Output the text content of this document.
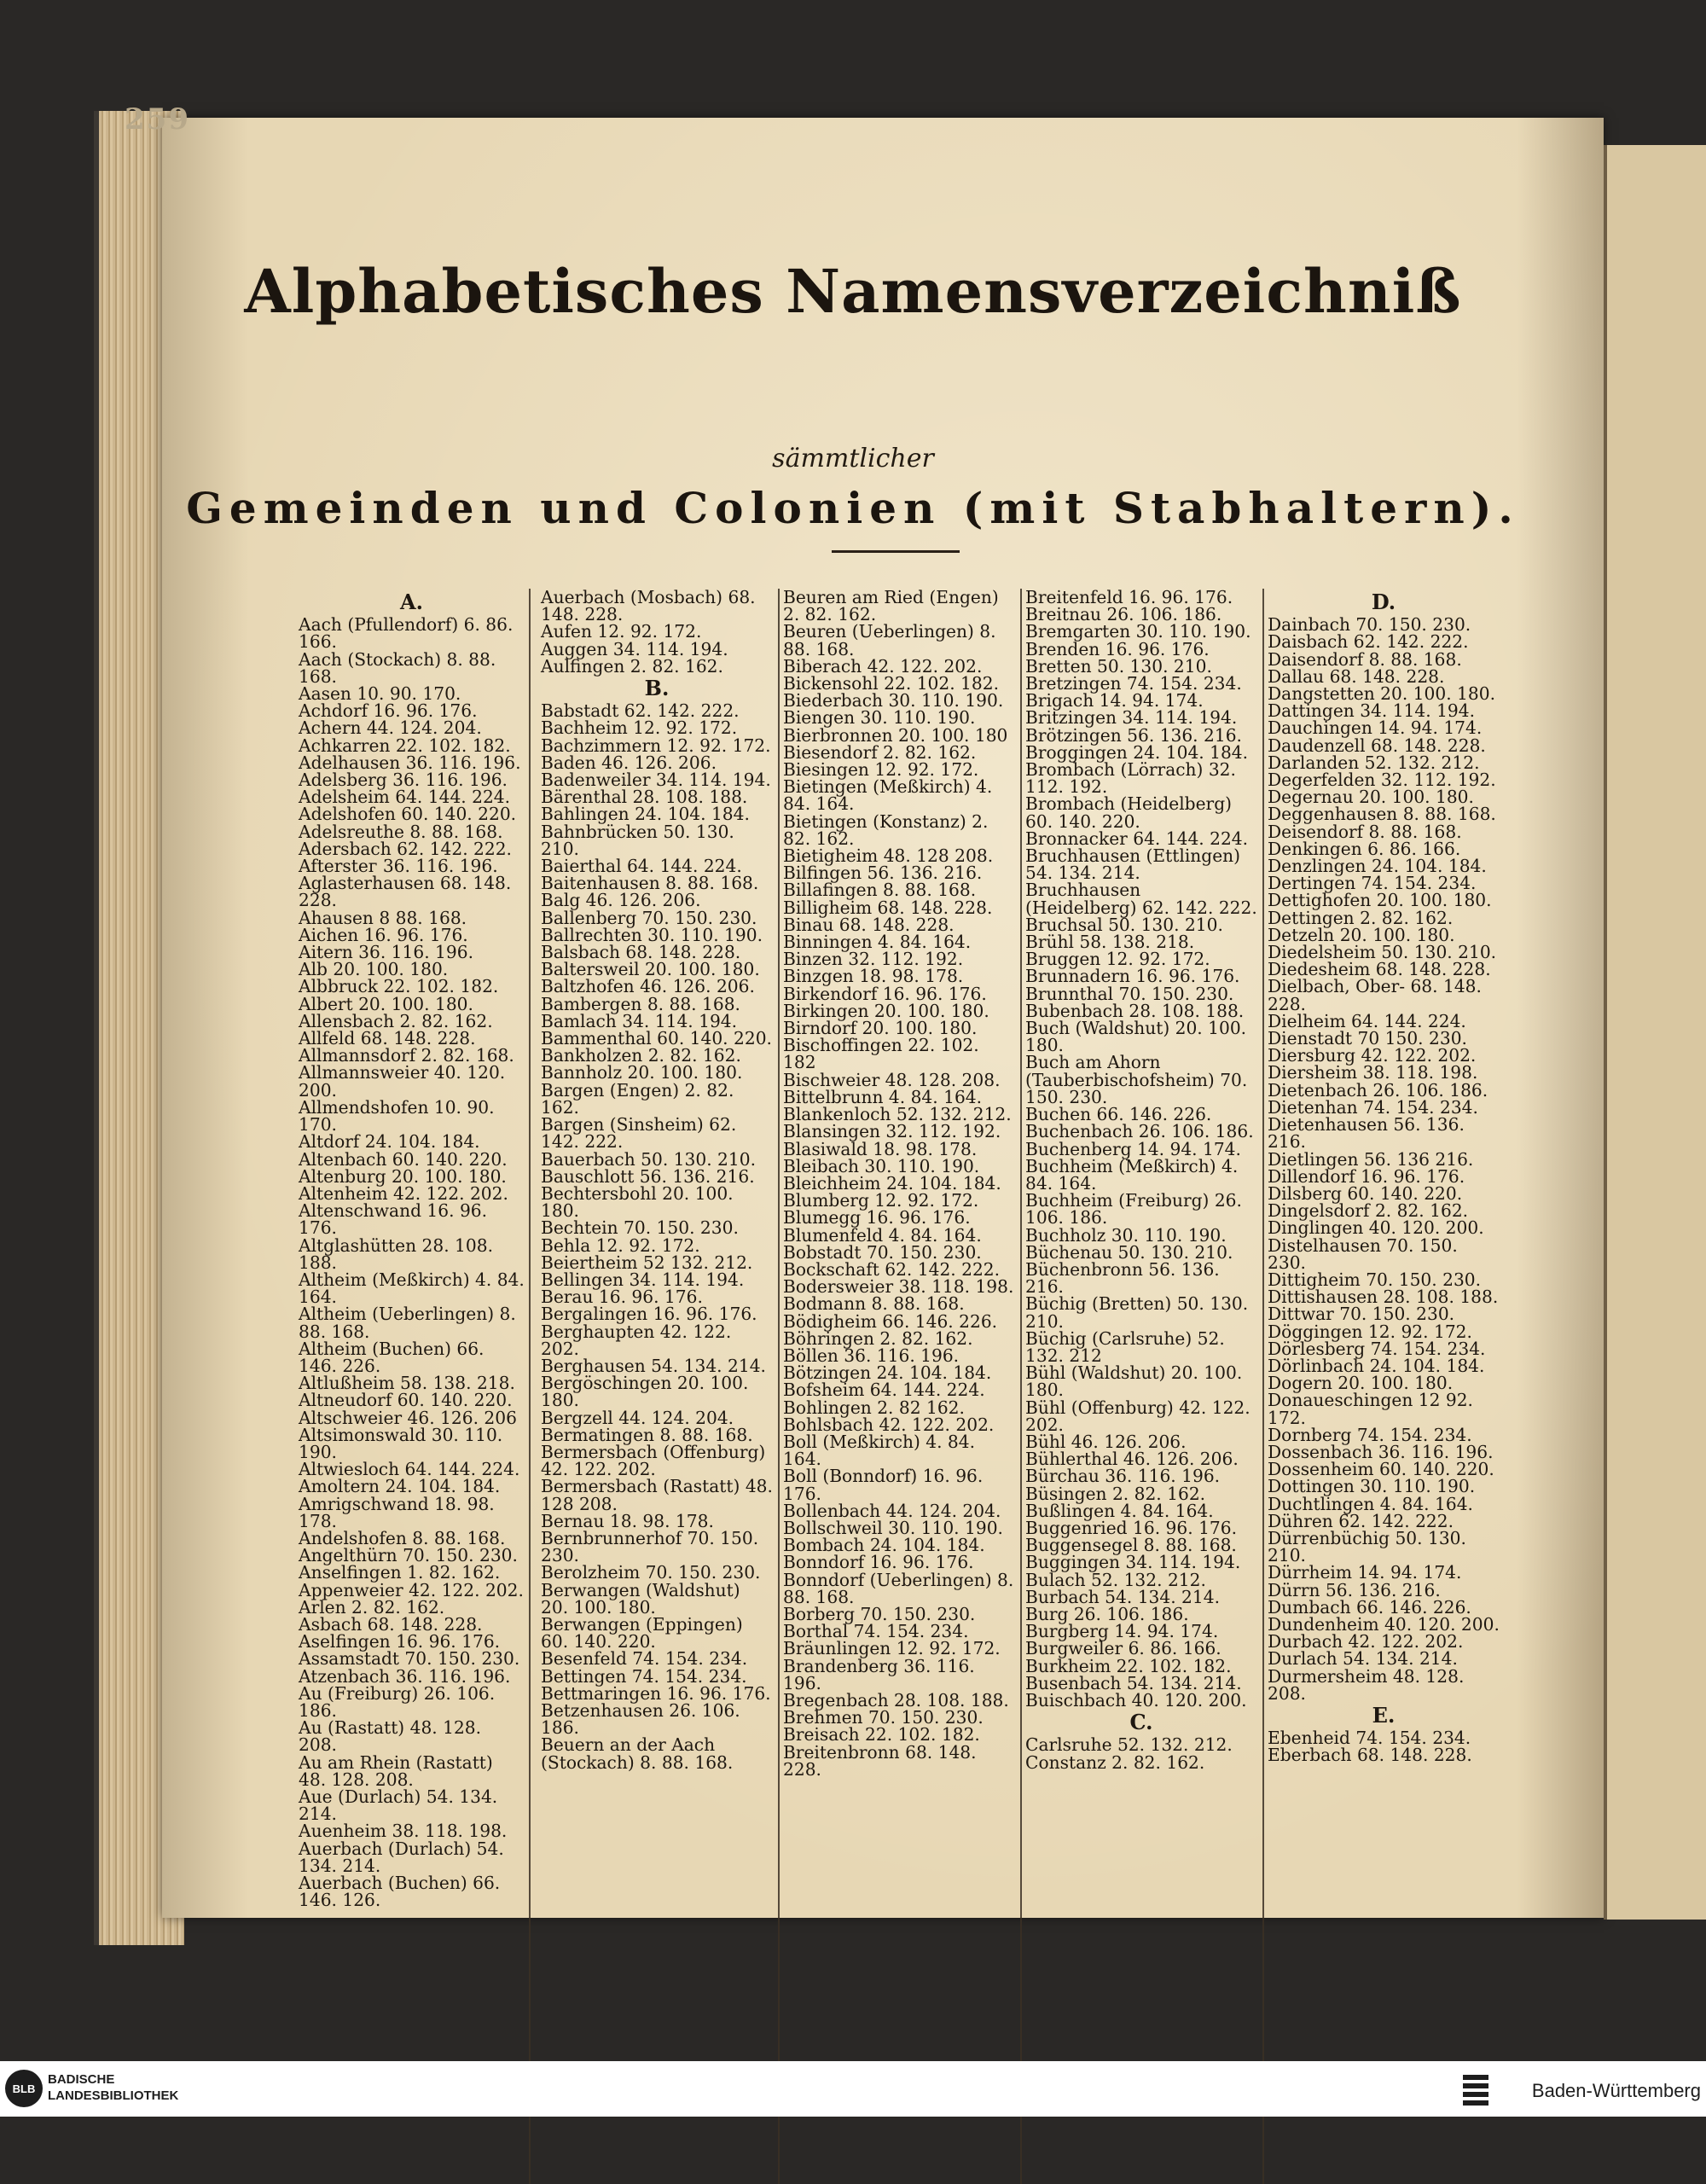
259
Alphabetisches Namensverzeichniß
sämmtlicher
Gemeinden und Colonien (mit Stabhaltern).
A.
Aach (Pfullendorf) 6. 86. 166.
Aach (Stockach) 8. 88. 168.
Aasen 10. 90. 170.
Achdorf 16. 96. 176.
Achern 44. 124. 204.
Achkarren 22. 102. 182.
Adelhausen 36. 116. 196.
Adelsberg 36. 116. 196.
Adelsheim 64. 144. 224.
Adelshofen 60. 140. 220.
Adelsreuthe 8. 88. 168.
Adersbach 62. 142. 222.
Afterstег 36. 116. 196.
Aglasterhausen 68. 148. 228.
Ahausen 8 88. 168.
Aichen 16. 96. 176.
Aitern 36. 116. 196.
Alb 20. 100. 180.
Albbruck 22. 102. 182.
Albert 20. 100. 180.
Allensbach 2. 82. 162.
Allfeld 68. 148. 228.
Allmannsdorf 2. 82. 168.
Allmannsweier 40. 120. 200.
Allmendshofen 10. 90. 170.
Altdorf 24. 104. 184.
Altenbach 60. 140. 220.
Altenburg 20. 100. 180.
Altenheim 42. 122. 202.
Altenschwand 16. 96. 176.
Altglashütten 28. 108. 188.
Altheim (Meßkirch) 4. 84. 164.
Altheim (Ueberlingen) 8. 88. 168.
Altheim (Buchen) 66. 146. 226.
Altlußheim 58. 138. 218.
Altneudorf 60. 140. 220.
Altschweier 46. 126. 206
Altsimonswald 30. 110. 190.
Altwiesloch 64. 144. 224.
Amoltern 24. 104. 184.
Amrigschwand 18. 98. 178.
Andelshofen 8. 88. 168.
Angelthürn 70. 150. 230.
Anselfingen 1. 82. 162.
Appenweier 42. 122. 202.
Arlen 2. 82. 162.
Asbach 68. 148. 228.
Aselfingen 16. 96. 176.
Assamstadt 70. 150. 230.
Atzenbach 36. 116. 196.
Au (Freiburg) 26. 106. 186.
Au (Rastatt) 48. 128. 208.
Au am Rhein (Rastatt) 48. 128. 208.
Aue (Durlach) 54. 134. 214.
Auenheim 38. 118. 198.
Auerbach (Durlach) 54. 134. 214.
Auerbach (Buchen) 66. 146. 126.
Auerbach (Mosbach) 68. 148. 228.
Aufen 12. 92. 172.
Auggen 34. 114. 194.
Aulfingen 2. 82. 162.
B.
Babstadt 62. 142. 222.
Bachheim 12. 92. 172.
Bachzimmern 12. 92. 172.
Baden 46. 126. 206.
Badenweiler 34. 114. 194.
Bärenthal 28. 108. 188.
Bahlingen 24. 104. 184.
Bahnbrücken 50. 130. 210.
Baierthal 64. 144. 224.
Baitenhausen 8. 88. 168.
Balg 46. 126. 206.
Ballenberg 70. 150. 230.
Ballrechten 30. 110. 190.
Balsbach 68. 148. 228.
Baltersweil 20. 100. 180.
Baltzhofen 46. 126. 206.
Bambergen 8. 88. 168.
Bamlach 34. 114. 194.
Bammenthal 60. 140. 220.
Bankholzen 2. 82. 162.
Bannholz 20. 100. 180.
Bargen (Engen) 2. 82. 162.
Bargen (Sinsheim) 62. 142. 222.
Bauerbach 50. 130. 210.
Bauschlott 56. 136. 216.
Bechtersbohl 20. 100. 180.
Bechtein 70. 150. 230.
Behla 12. 92. 172.
Beiertheim 52 132. 212.
Bellingen 34. 114. 194.
Berau 16. 96. 176.
Bergalingen 16. 96. 176.
Berghaupten 42. 122. 202.
Berghausen 54. 134. 214.
Bergöschingen 20. 100. 180.
Bergzell 44. 124. 204.
Bermatingen 8. 88. 168.
Bermersbach (Offenburg) 42. 122. 202.
Bermersbach (Rastatt) 48. 128 208.
Bernau 18. 98. 178.
Bernbrunnerhof 70. 150. 230.
Berolzheim 70. 150. 230.
Berwangen (Waldshut) 20. 100. 180.
Berwangen (Eppingen) 60. 140. 220.
Besenfeld 74. 154. 234.
Bettingen 74. 154. 234.
Bettmaringen 16. 96. 176.
Betzenhausen 26. 106. 186.
Beuern an der Aach (Stockach) 8. 88. 168.
Beuren am Ried (Engen) 2. 82. 162.
Beuren (Ueberlingen) 8. 88. 168.
Biberach 42. 122. 202.
Bickensohl 22. 102. 182.
Biederbach 30. 110. 190.
Biengen 30. 110. 190.
Bierbronnen 20. 100. 180
Biesendorf 2. 82. 162.
Biesingen 12. 92. 172.
Bietingen (Meßkirch) 4. 84. 164.
Bietingen (Konstanz) 2. 82. 162.
Bietigheim 48. 128 208.
Bilfingen 56. 136. 216.
Billafingen 8. 88. 168.
Billigheim 68. 148. 228.
Binau 68. 148. 228.
Binningen 4. 84. 164.
Binzen 32. 112. 192.
Binzgen 18. 98. 178.
Birkendorf 16. 96. 176.
Birkingen 20. 100. 180.
Birndorf 20. 100. 180.
Bischoffingen 22. 102. 182
Bischweier 48. 128. 208.
Bittelbrunn 4. 84. 164.
Blankenloch 52. 132. 212.
Blansingen 32. 112. 192.
Blasiwald 18. 98. 178.
Bleibach 30. 110. 190.
Bleichheim 24. 104. 184.
Blumberg 12. 92. 172.
Blumegg 16. 96. 176.
Blumenfeld 4. 84. 164.
Bobstadt 70. 150. 230.
Bockschaft 62. 142. 222.
Bodersweier 38. 118. 198.
Bodmann 8. 88. 168.
Bödigheim 66. 146. 226.
Böhringen 2. 82. 162.
Böllen 36. 116. 196.
Bötzingen 24. 104. 184.
Bofsheim 64. 144. 224.
Bohlingen 2. 82 162.
Bohlsbach 42. 122. 202.
Boll (Meßkirch) 4. 84. 164.
Boll (Bonndorf) 16. 96. 176.
Bollenbach 44. 124. 204.
Bollschweil 30. 110. 190.
Bombach 24. 104. 184.
Bonndorf 16. 96. 176.
Bonndorf (Ueberlingen) 8. 88. 168.
Borberg 70. 150. 230.
Borthal 74. 154. 234.
Bräunlingen 12. 92. 172.
Brandenberg 36. 116. 196.
Bregenbach 28. 108. 188.
Brehmen 70. 150. 230.
Breisach 22. 102. 182.
Breitenbronn 68. 148. 228.
Breitenfeld 16. 96. 176.
Breitnau 26. 106. 186.
Bremgarten 30. 110. 190.
Brenden 16. 96. 176.
Bretten 50. 130. 210.
Bretzingen 74. 154. 234.
Brigach 14. 94. 174.
Britzingen 34. 114. 194.
Brötzingen 56. 136. 216.
Broggingen 24. 104. 184.
Brombach (Lörrach) 32. 112. 192.
Brombach (Heidelberg) 60. 140. 220.
Bronnacker 64. 144. 224.
Bruchhausen (Ettlingen) 54. 134. 214.
Bruchhausen (Heidelberg) 62. 142. 222.
Bruchsal 50. 130. 210.
Brühl 58. 138. 218.
Bruggen 12. 92. 172.
Brunnadern 16. 96. 176.
Brunnthal 70. 150. 230.
Bubenbach 28. 108. 188.
Buch (Waldshut) 20. 100. 180.
Buch am Ahorn (Tauberbischofsheim) 70. 150. 230.
Buchen 66. 146. 226.
Buchenbach 26. 106. 186.
Buchenberg 14. 94. 174.
Buchheim (Meßkirch) 4. 84. 164.
Buchheim (Freiburg) 26. 106. 186.
Buchholz 30. 110. 190.
Büchenau 50. 130. 210.
Büchenbronn 56. 136. 216.
Büchig (Bretten) 50. 130. 210.
Büchig (Carlsruhe) 52. 132. 212
Bühl (Waldshut) 20. 100. 180.
Bühl (Offenburg) 42. 122. 202.
Bühl 46. 126. 206.
Bühlerthal 46. 126. 206.
Bürchau 36. 116. 196.
Büsingen 2. 82. 162.
Bußlingen 4. 84. 164.
Buggenried 16. 96. 176.
Buggensegel 8. 88. 168.
Buggingen 34. 114. 194.
Bulach 52. 132. 212.
Burbach 54. 134. 214.
Burg 26. 106. 186.
Burgberg 14. 94. 174.
Burgweiler 6. 86. 166.
Burkheim 22. 102. 182.
Busenbach 54. 134. 214.
Buischbach 40. 120. 200.
C.
Carlsruhe 52. 132. 212.
Constanz 2. 82. 162.
D.
Dainbach 70. 150. 230.
Daisbach 62. 142. 222.
Daisendorf 8. 88. 168.
Dallau 68. 148. 228.
Dangstetten 20. 100. 180.
Dattingen 34. 114. 194.
Dauchingen 14. 94. 174.
Daudenzell 68. 148. 228.
Darlanden 52. 132. 212.
Degerfelden 32. 112. 192.
Degernau 20. 100. 180.
Deggenhausen 8. 88. 168.
Deisendorf 8. 88. 168.
Denkingen 6. 86. 166.
Denzlingen 24. 104. 184.
Dertingen 74. 154. 234.
Dettighofen 20. 100. 180.
Dettingen 2. 82. 162.
Detzeln 20. 100. 180.
Diedelsheim 50. 130. 210.
Diedesheim 68. 148. 228.
Dielbach, Ober- 68. 148. 228.
Dielheim 64. 144. 224.
Dienstadt 70 150. 230.
Diersburg 42. 122. 202.
Diersheim 38. 118. 198.
Dietenbach 26. 106. 186.
Dietenhan 74. 154. 234.
Dietenhausen 56. 136. 216.
Dietlingen 56. 136 216.
Dillendorf 16. 96. 176.
Dilsberg 60. 140. 220.
Dingelsdorf 2. 82. 162.
Dinglingen 40. 120. 200.
Distelhausen 70. 150. 230.
Dittigheim 70. 150. 230.
Dittishausen 28. 108. 188.
Dittwar 70. 150. 230.
Döggingen 12. 92. 172.
Dörlesberg 74. 154. 234.
Dörlinbach 24. 104. 184.
Dogern 20. 100. 180.
Donaueschingen 12 92. 172.
Dornberg 74. 154. 234.
Dossenbach 36. 116. 196.
Dossenheim 60. 140. 220.
Dottingen 30. 110. 190.
Duchtlingen 4. 84. 164.
Dühren 62. 142. 222.
Dürrenbüchig 50. 130. 210.
Dürrheim 14. 94. 174.
Dürrn 56. 136. 216.
Dumbach 66. 146. 226.
Dundenheim 40. 120. 200.
Durbach 42. 122. 202.
Durlach 54. 134. 214.
Durmersheim 48. 128. 208.
E.
Ebenheid 74. 154. 234.
Eberbach 68. 148. 228.
BLB
BADISCHE
LANDESBIBLIOTHEK	Baden-Württemberg
